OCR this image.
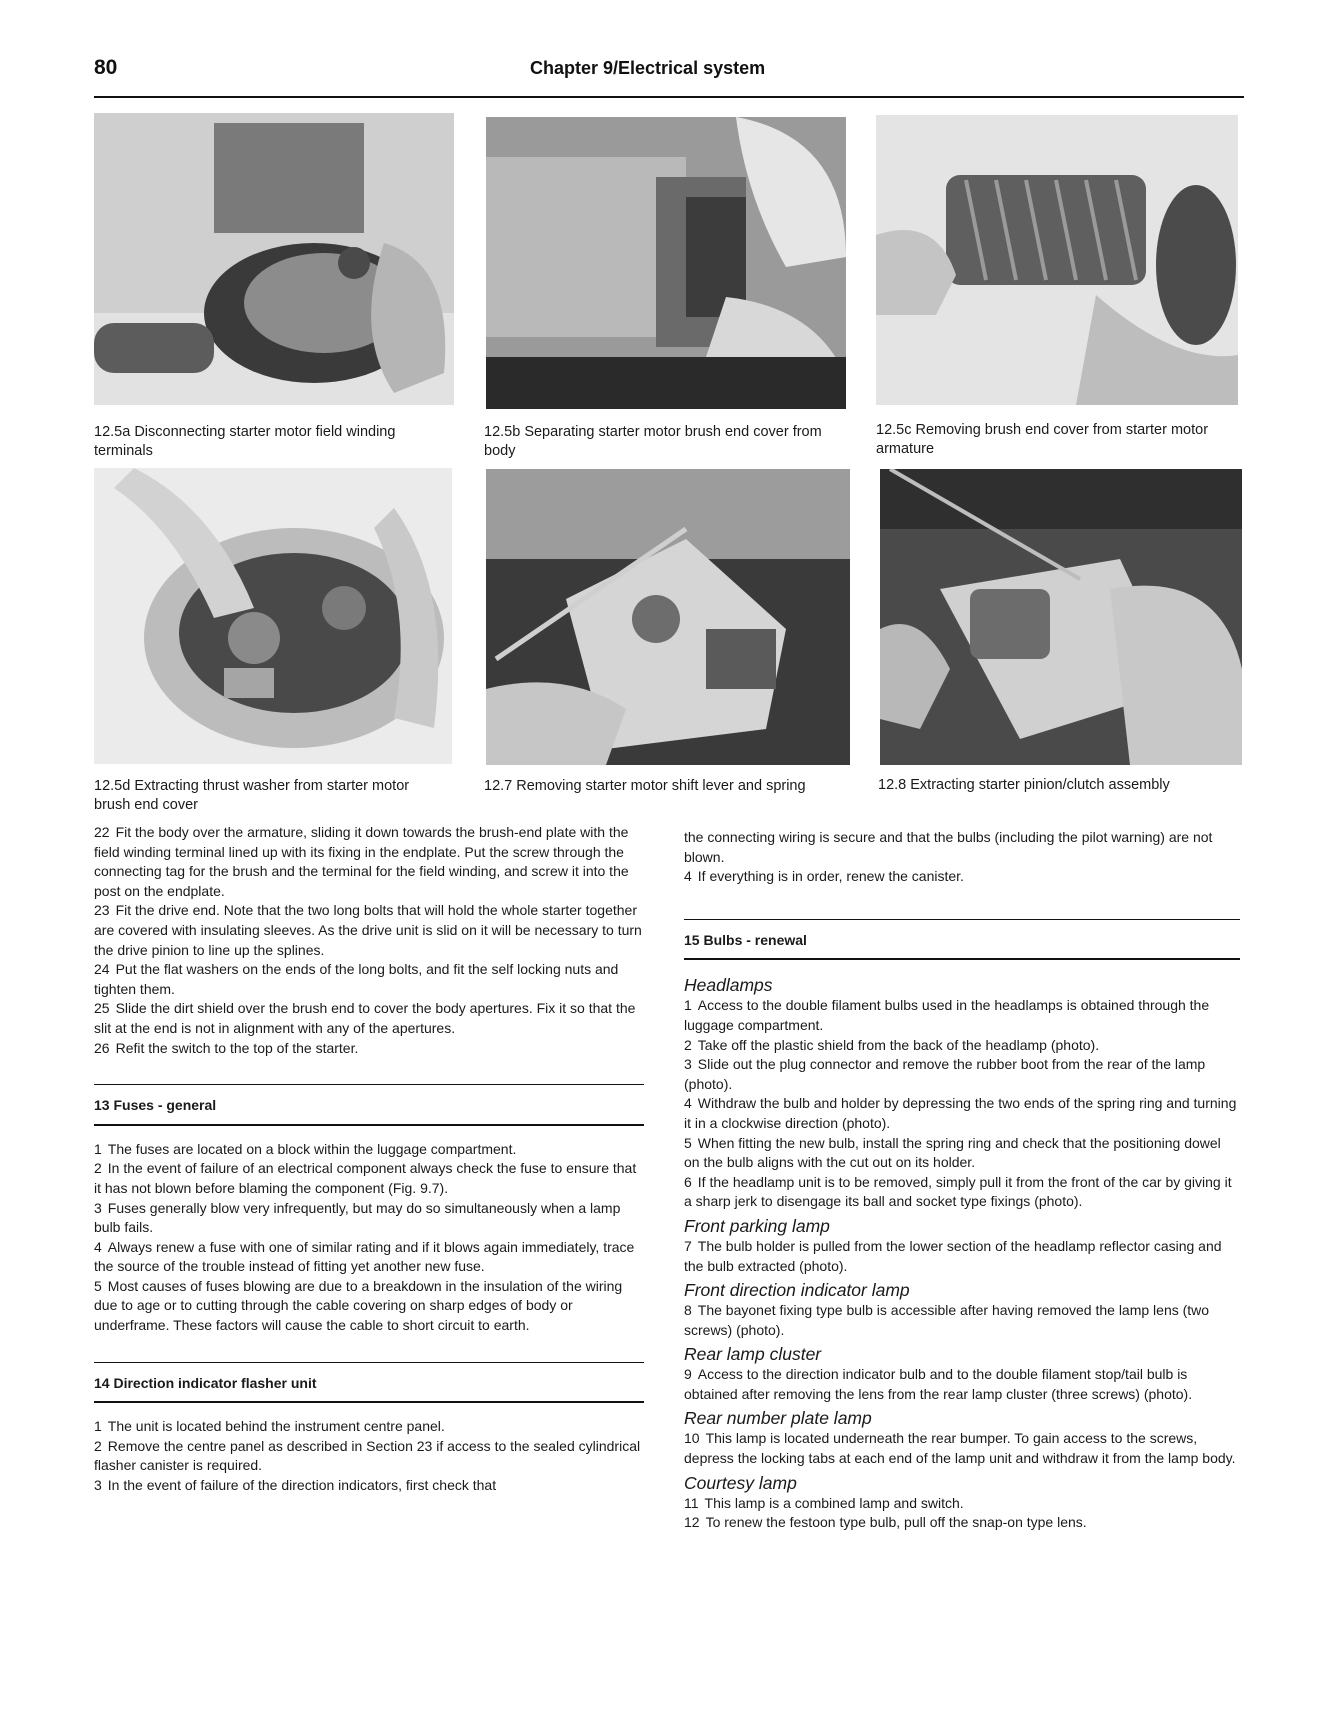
80	Chapter 9/Electrical system
12.5a Disconnecting starter motor field winding terminals
12.5b Separating starter motor brush end cover from body
12.5c Removing brush end cover from starter motor armature
12.5d Extracting thrust washer from starter motor brush end cover
12.7 Removing starter motor shift lever and spring	12.8 Extracting starter pinion/clutch assembly

22 Fit the body over the armature, sliding it down towards the brush-end plate with the field winding terminal lined up with its fixing in the endplate. Put the screw through the connecting tag for the brush and the terminal for the field winding, and screw it into the post on the endplate.

23 Fit the drive end. Note that the two long bolts that will hold the whole starter together are covered with insulating sleeves. As the drive unit is slid on it will be necessary to turn the drive pinion to line up the splines.

24 Put the flat washers on the ends of the long bolts, and fit the self locking nuts and tighten them.

25 Slide the dirt shield over the brush end to cover the body apertures. Fix it so that the slit at the end is not in alignment with any of the apertures.

26 Refit the switch to the top of the starter.

13 Fuses - general

1 The fuses are located on a block within the luggage compartment.

2 In the event of failure of an electrical component always check the fuse to ensure that it has not blown before blaming the component (Fig. 9.7).

3 Fuses generally blow very infrequently, but may do so simultaneously when a lamp bulb fails.

4 Always renew a fuse with one of similar rating and if it blows again immediately, trace the source of the trouble instead of fitting yet another new fuse.

5 Most causes of fuses blowing are due to a breakdown in the insulation of the wiring due to age or to cutting through the cable covering on sharp edges of body or underframe. These factors will cause the cable to short circuit to earth.

14 Direction indicator flasher unit

1 The unit is located behind the instrument centre panel.

2 Remove the centre panel as described in Section 23 if access to the sealed cylindrical flasher canister is required.

3 In the event of failure of the direction indicators, first check that

the connecting wiring is secure and that the bulbs (including the pilot warning) are not blown.

4 If everything is in order, renew the canister.

15 Bulbs - renewal
Headlamps

1 Access to the double filament bulbs used in the headlamps is obtained through the luggage compartment.

2 Take off the plastic shield from the back of the headlamp (photo).

3 Slide out the plug connector and remove the rubber boot from the rear of the lamp (photo).

4 Withdraw the bulb and holder by depressing the two ends of the spring ring and turning it in a clockwise direction (photo).

5 When fitting the new bulb, install the spring ring and check that the positioning dowel on the bulb aligns with the cut out on its holder.

6 If the headlamp unit is to be removed, simply pull it from the front of the car by giving it a sharp jerk to disengage its ball and socket type fixings (photo).

Front parking lamp

7 The bulb holder is pulled from the lower section of the headlamp reflector casing and the bulb extracted (photo).

Front direction indicator lamp

8 The bayonet fixing type bulb is accessible after having removed the lamp lens (two screws) (photo).

Rear lamp cluster

9 Access to the direction indicator bulb and to the double filament stop/tail bulb is obtained after removing the lens from the rear lamp cluster (three screws) (photo).

Rear number plate lamp

10 This lamp is located underneath the rear bumper. To gain access to the screws, depress the locking tabs at each end of the lamp unit and withdraw it from the lamp body.

Courtesy lamp

11 This lamp is a combined lamp and switch.

12 To renew the festoon type bulb, pull off the snap-on type lens.
